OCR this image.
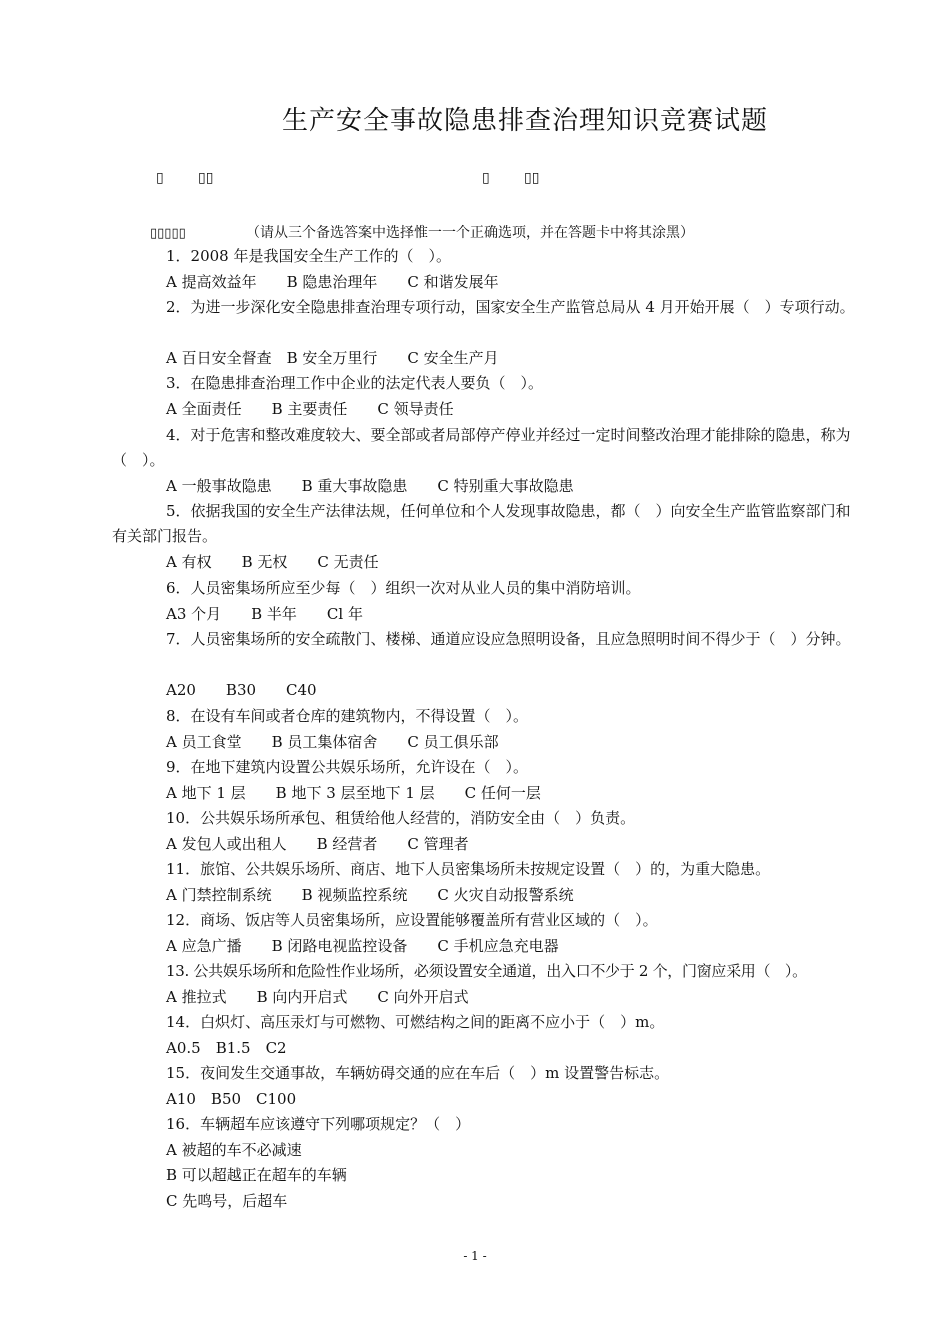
生产安全事故隐患排查治理知识竞赛试题
▯ ▯▯	▯ ▯▯
▯▯▯▯▯	（请从三个备选答案中选择惟一一个正确选项，并在答题卡中将其涂黑）

1．2008 年是我国安全生产工作的（　）。

A 提高效益年　　B 隐患治理年　　C 和谐发展年

2．为进一步深化安全隐患排查治理专项行动，国家安全生产监管总局从 4 月开始开展（　）专项行动。

A 百日安全督查　B 安全万里行　　C 安全生产月

3．在隐患排查治理工作中企业的法定代表人要负（　）。

A 全面责任　　B 主要责任　　C 领导责任

4．对于危害和整改难度较大、要全部或者局部停产停业并经过一定时间整改治理才能排除的隐患，称为（　）。

A 一般事故隐患　　B 重大事故隐患　　C 特别重大事故隐患

5．依据我国的安全生产法律法规，任何单位和个人发现事故隐患，都（　）向安全生产监管监察部门和有关部门报告。

A 有权　　B 无权　　C 无责任

6．人员密集场所应至少每（　）组织一次对从业人员的集中消防培训。

A3 个月　　B 半年　　Cl 年

7．人员密集场所的安全疏散门、楼梯、通道应设应急照明设备，且应急照明时间不得少于（　）分钟。

A20　　B30　　C40

8．在设有车间或者仓库的建筑物内，不得设置（　）。

A 员工食堂　　B 员工集体宿舍　　C 员工俱乐部

9．在地下建筑内设置公共娱乐场所，允许设在（　）。

A 地下 1 层　　B 地下 3 层至地下 1 层　　C 任何一层

10．公共娱乐场所承包、租赁给他人经营的，消防安全由（　）负责。

A 发包人或出租人　　B 经营者　　C 管理者

11．旅馆、公共娱乐场所、商店、地下人员密集场所未按规定设置（　）的，为重大隐患。

A 门禁控制系统　　B 视频监控系统　　C 火灾自动报警系统

12．商场、饭店等人员密集场所，应设置能够覆盖所有营业区域的（　）。

A 应急广播　　B 闭路电视监控设备　　C 手机应急充电器

13. 公共娱乐场所和危险性作业场所，必须设置安全通道，出入口不少于 2 个，门窗应采用（　）。

A 推拉式　　B 向内开启式　　C 向外开启式

14．白炽灯、高压汞灯与可燃物、可燃结构之间的距离不应小于（　）m。

A0.5　B1.5　C2

15．夜间发生交通事故，车辆妨碍交通的应在车后（　）m 设置警告标志。

A10　B50　C100

16．车辆超车应该遵守下列哪项规定？（　）

A 被超的车不必减速
B 可以超越正在超车的车辆
C 先鸣号，后超车
- 1 -
